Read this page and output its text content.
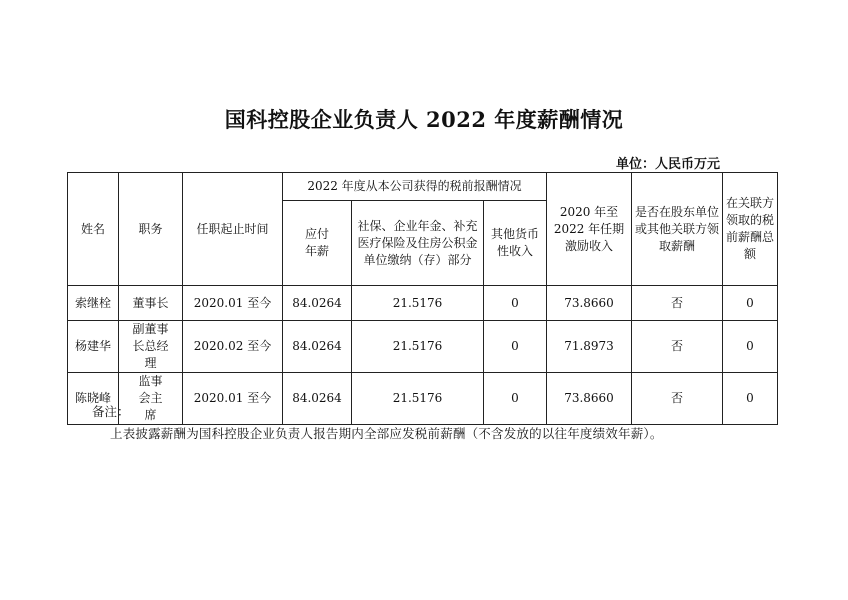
国科控股企业负责人 2022 年度薪酬情况
单位：人民币万元
姓名	职务	任职起止时间	2022 年度从本公司获得的税前报酬情况			2020 年至 2022 年任期激励收入	是否在股东单位或其他关联方领取薪酬	在关联方领取的税前薪酬总额
			应付年薪	社保、企业年金、补充医疗保险及住房公积金单位缴纳（存）部分	其他货币性收入			
索继栓	董事长	2020.01 至今	84.0264	21.5176	0	73.8660	否	0
杨建华	副董事长总经理	2020.02 至今	84.0264	21.5176	0	71.8973	否	0
陈晓峰	监事会主席	2020.01 至今	84.0264	21.5176	0	73.8660	否	0
备注：
上表披露薪酬为国科控股企业负责人报告期内全部应发税前薪酬（不含发放的以往年度绩效年薪）。
